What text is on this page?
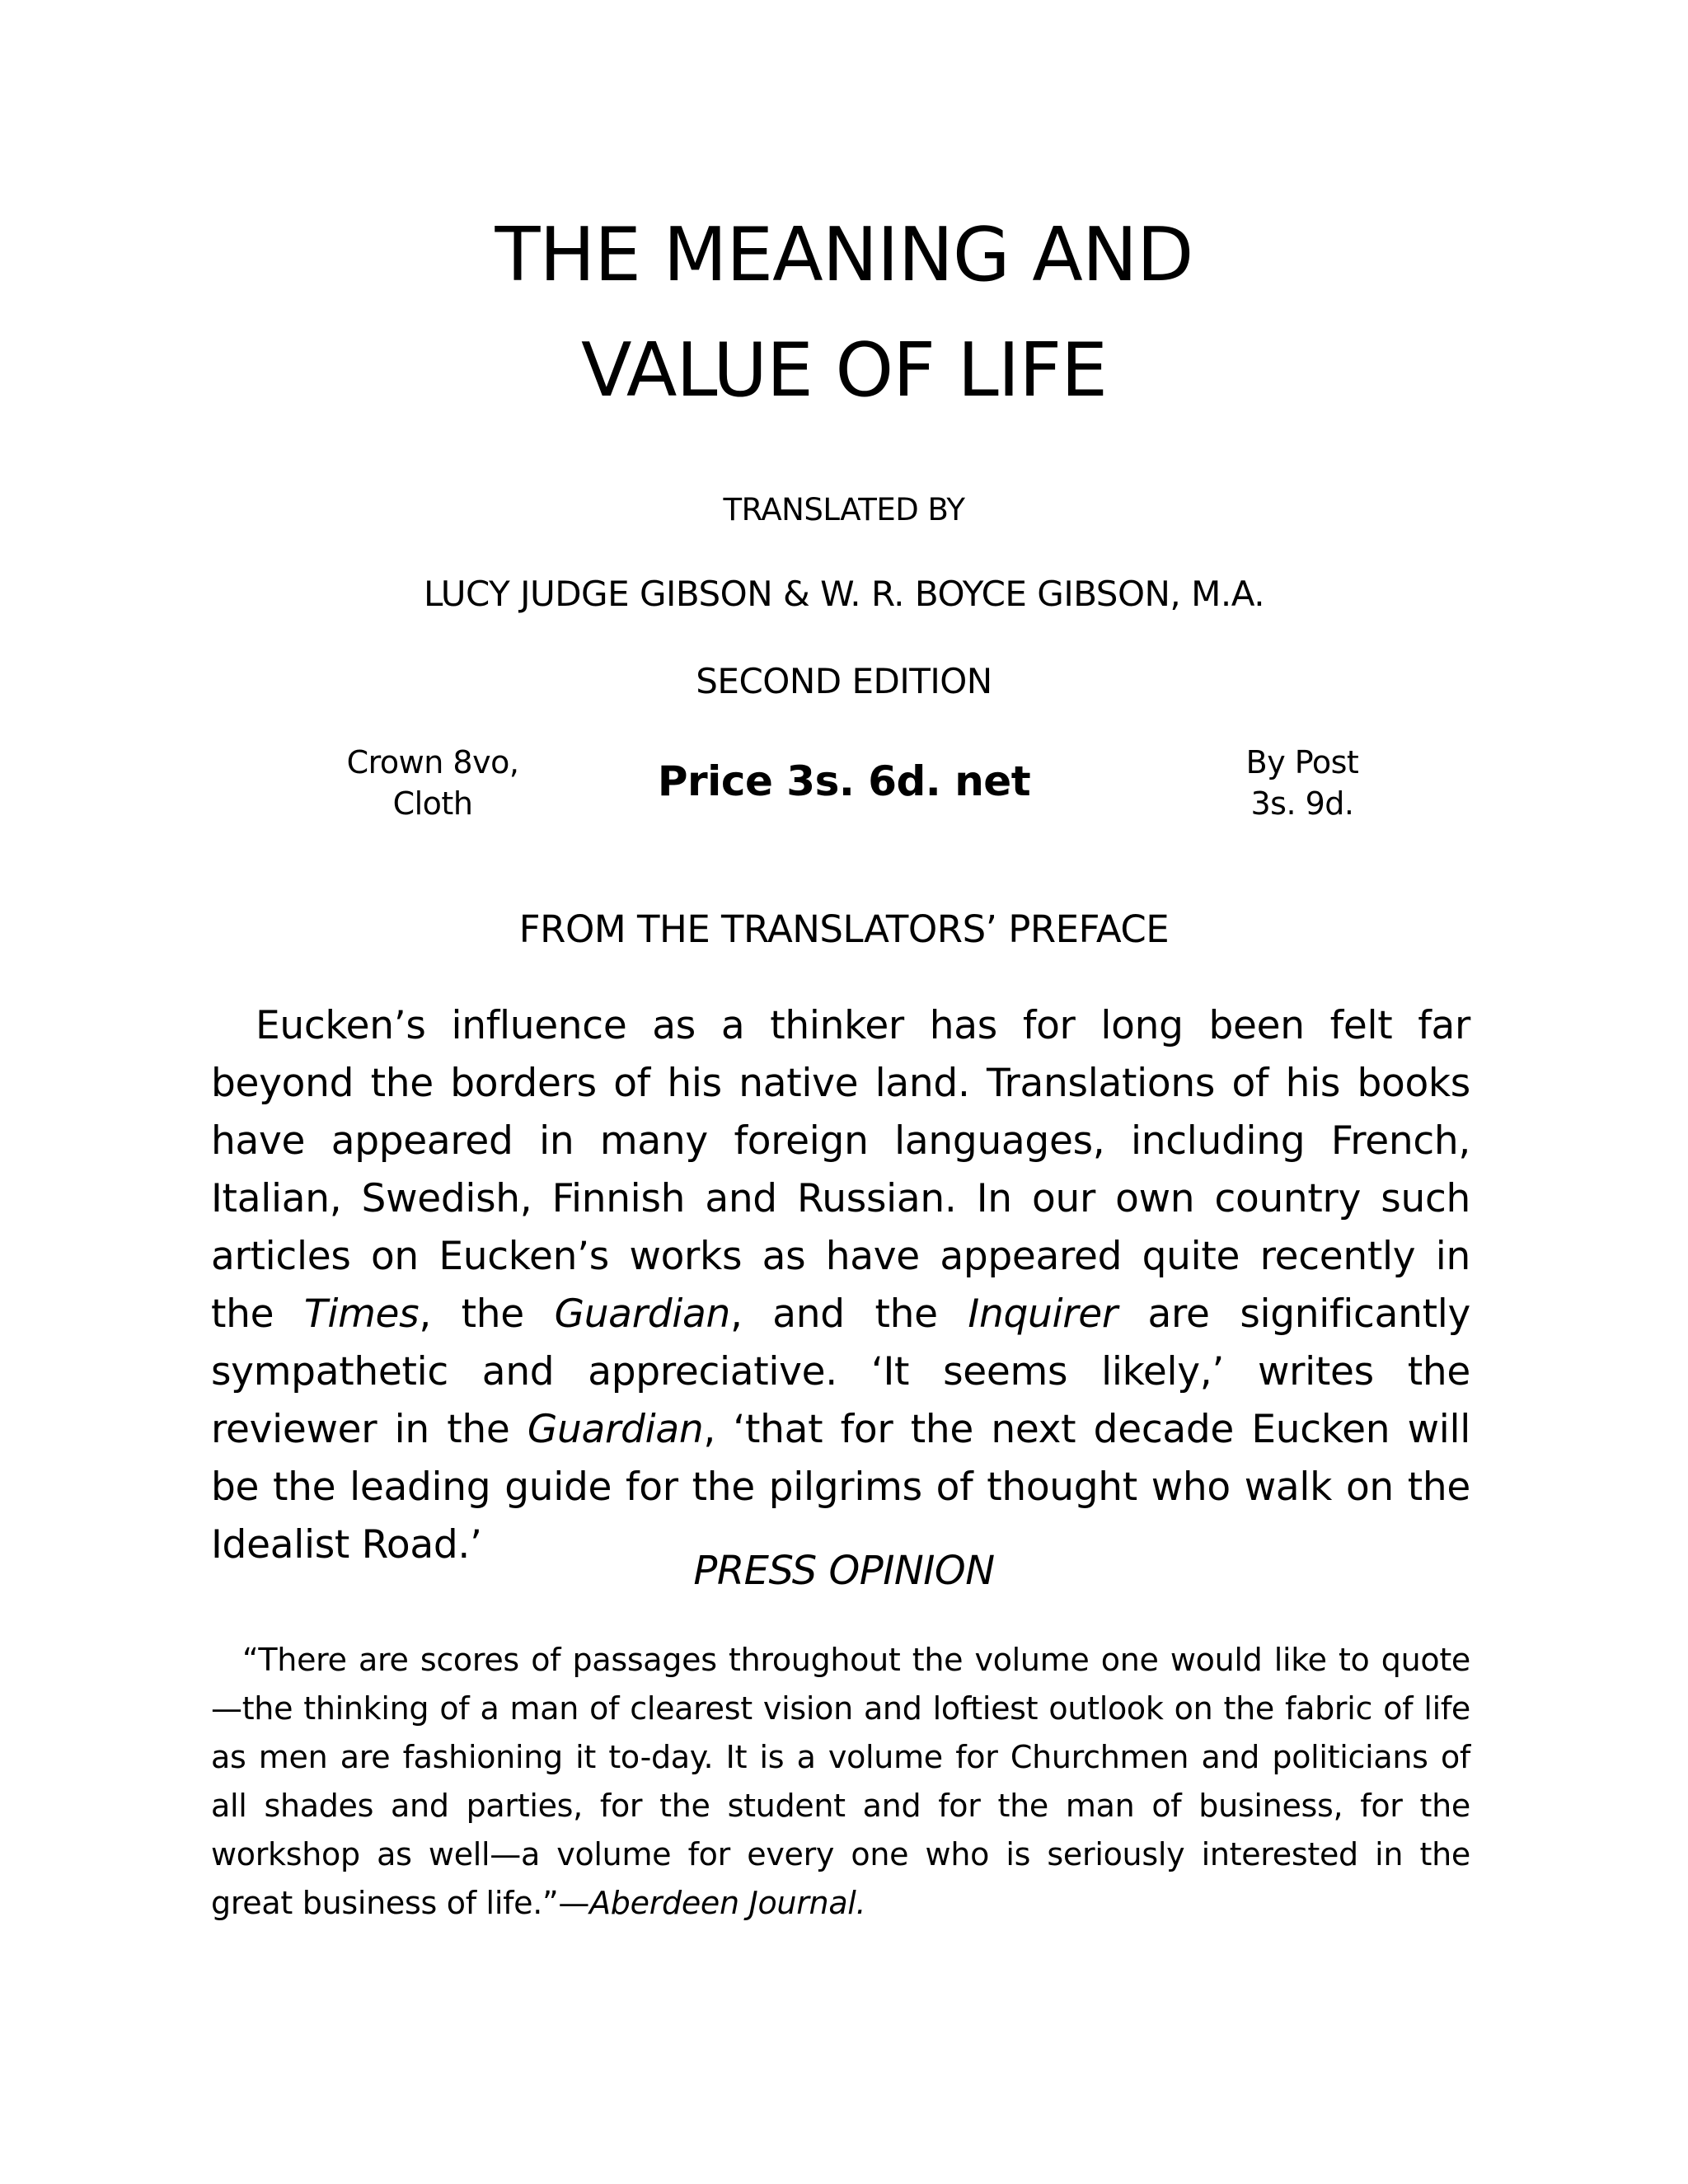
THE MEANING AND
VALUE OF LIFE
TRANSLATED BY
LUCY JUDGE GIBSON & W. R. BOYCE GIBSON, M.A.
SECOND EDITION
Crown 8vo,
Cloth	Price 3s. 6d. net	By Post
3s. 9d.
FROM THE TRANSLATORS’ PREFACE
Eucken’s influence as a thinker has for long been felt far beyond the borders of his native land. Translations of his books have appeared in many foreign languages, including French, Italian, Swedish, Finnish and Russian. In our own country such articles on Eucken’s works as have appeared quite recently in the Times, the Guardian, and the Inquirer are significantly sympathetic and appreciative. ‘It seems likely,’ writes the reviewer in the Guardian, ‘that for the next decade Eucken will be the leading guide for the pilgrims of thought who walk on the Idealist Road.’
PRESS OPINION
“There are scores of passages throughout the volume one would like to quote—the thinking of a man of clearest vision and loftiest outlook on the fabric of life as men are fashioning it to-day. It is a volume for Churchmen and politicians of all shades and parties, for the student and for the man of business, for the workshop as well—a volume for every one who is seriously interested in the great business of life.”—Aberdeen Journal.
